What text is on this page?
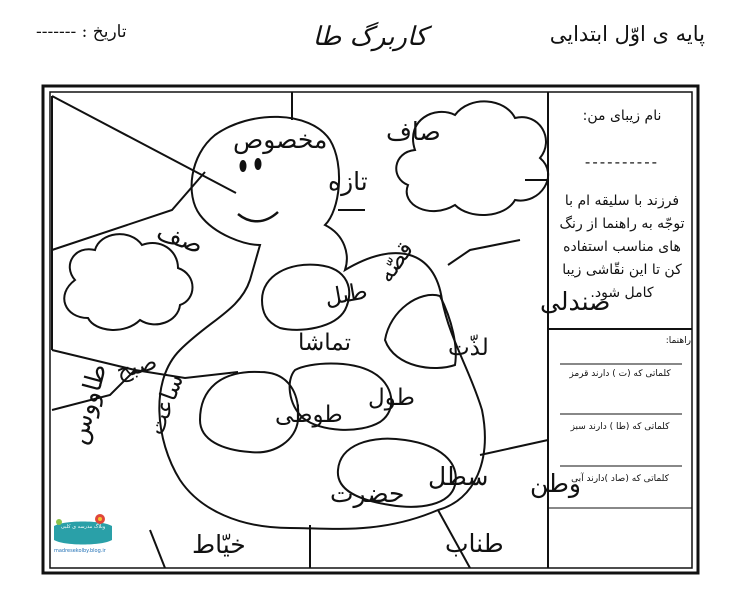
پایه ی اوّل ابتدایی
کاربرگ طا
تاریخ : -------
مخصوص صاف
تازه
صف
صندلی
طبل
قصّه
تماشا	لذّت
صبح
طوطی
طول
ساعت
طاووس
وطن
سطل
حضرت
خیّاط	طناب
نام زیبای من:
----------
فرزند با سلیقه ام با توجّه به راهنما از رنگ های مناسب استفاده کن تا این نقّاشی زیبا کامل شود.
راهنما:
کلماتی که (ت ) دارند قرمز
کلماتی که (طا ) دارند سبز
کلماتی که (صاد )دارند آبی
وبلاگ مدرسه ی کلبی
madresekolby.blog.ir
